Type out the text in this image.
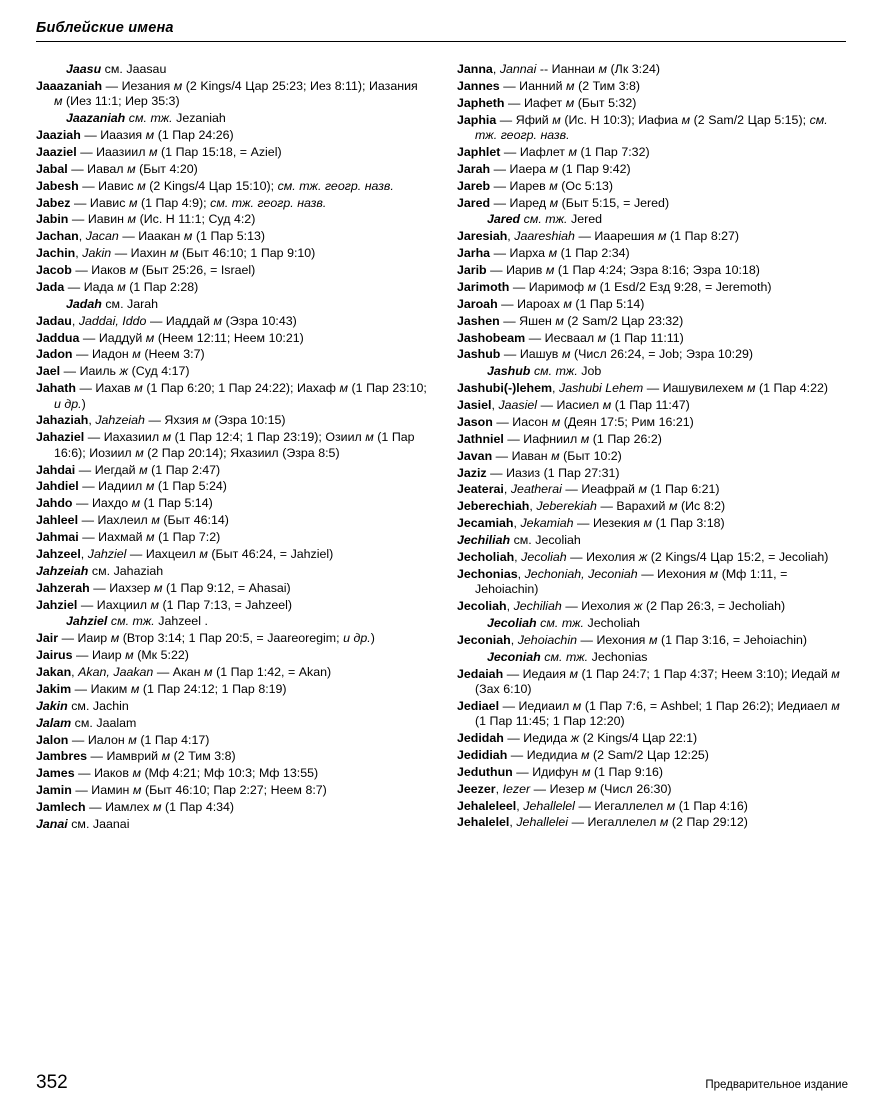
Библейские имена

Jaasu см. Jaasau

Jaaazaniah — Иезания м (2 Kings/4 Цар 25:23; Иез 8:11); Иазания м (Иез 11:1; Иер 35:3)

Jaazaniah см. тж. Jezaniah

Jaaziah — Иаазия м (1 Пар 24:26)

Jaaziel — Иаазиил м (1 Пар 15:18, = Aziel)

Jabal — Иавал м (Быт 4:20)

Jabesh — Иавис м (2 Kings/4 Цар 15:10); см. тж. геогр. назв.

Jabez — Иавис м (1 Пар 4:9); см. тж. геогр. назв.

Jabin — Иавин м (Ис. Н 11:1; Суд 4:2)

Jachan, Jacan — Иаакан м (1 Пар 5:13)

Jachin, Jakin — Иахин м (Быт 46:10; 1 Пар 9:10)

Jacob — Иаков м (Быт 25:26, = Israel)

Jada — Иада м (1 Пар 2:28)

Jadah см. Jarah

Jadau, Jaddai, Iddo — Иаддай м (Эзра 10:43)

Jaddua — Иаддуй м (Неем 12:11; Неем 10:21)

Jadon — Иадон м (Неем 3:7)

Jael — Иаиль ж (Суд 4:17)

Jahath — Иахав м (1 Пар 6:20; 1 Пар 24:22); Иахаф м (1 Пар 23:10; и др.)

Jahaziah, Jahzeiah — Яхзия м (Эзра 10:15)

Jahaziel — Иахазиил м (1 Пар 12:4; 1 Пар 23:19); Озиил м (1 Пар 16:6); Иозиил м (2 Пар 20:14); Яхазиил (Эзра 8:5)

Jahdai — Иегдай м (1 Пар 2:47)

Jahdiel — Иадиил м (1 Пар 5:24)

Jahdo — Иахдо м (1 Пар 5:14)

Jahleel — Иахлеил м (Быт 46:14)

Jahmai — Иахмай м (1 Пар 7:2)

Jahzeel, Jahziel — Иахцеил м (Быт 46:24, = Jahziel)

Jahzeiah см. Jahaziah

Jahzerah — Иахзер м (1 Пар 9:12, = Ahasai)

Jahziel — Иахциил м (1 Пар 7:13, = Jahzeel)

Jahziel см. тж. Jahzeel .

Jair — Иаир м (Втор 3:14; 1 Пар 20:5, = Jaareoregim; и др.)

Jairus — Иаир м (Мк 5:22)

Jakan, Akan, Jaakan — Акан м (1 Пар 1:42, = Akan)

Jakim — Иаким м (1 Пар 24:12; 1 Пар 8:19)

Jakin см. Jachin

Jalam см. Jaalam

Jalon — Иалон м (1 Пар 4:17)

Jambres — Иамврий м (2 Тим 3:8)

James — Иаков м (Мф 4:21; Мф 10:3; Мф 13:55)

Jamin — Иамин м (Быт 46:10; Пар 2:27; Неем 8:7)

Jamlech — Иамлех м (1 Пар 4:34)

Janai см. Jaanai

Janna, Jannai -- Ианнаи м (Лк 3:24)

Jannes — Ианний м (2 Тим 3:8)

Japheth — Иафет м (Быт 5:32)

Japhia — Яфий м (Ис. Н 10:3); Иафиа м (2 Sam/2 Цар 5:15); см. тж. геогр. назв.

Japhlet — Иафлет м (1 Пар 7:32)

Jarah — Иаера м (1 Пар 9:42)

Jareb — Иарев м (Ос 5:13)

Jared — Иаред м (Быт 5:15, = Jered)

Jared см. тж. Jered

Jaresiah, Jaareshiah — Иаарешия м (1 Пар 8:27)

Jarha — Иарха м (1 Пар 2:34)

Jarib — Иарив м (1 Пар 4:24; Эзра 8:16; Эзра 10:18)

Jarimoth — Иаримоф м (1 Esd/2 Езд 9:28, = Jeremoth)

Jaroah — Иароах м (1 Пар 5:14)

Jashen — Яшен м (2 Sam/2 Цар 23:32)

Jashobeam — Иесваал м (1 Пар 11:11)

Jashub — Иашув м (Числ 26:24, = Job; Эзра 10:29)

Jashub см. тж. Job

Jashubi(-)lehem, Jashubi Lehem — Иашувилехем м (1 Пар 4:22)

Jasiel, Jaasiel — Иасиел м (1 Пар 11:47)

Jason — Иасон м (Деян 17:5; Рим 16:21)

Jathniel — Иафниил м (1 Пар 26:2)

Javan — Иаван м (Быт 10:2)

Jaziz — Иазиз (1 Пар 27:31)

Jeaterai, Jeatherai — Иеафрай м (1 Пар 6:21)

Jeberechiah, Jeberekiah — Варахий м (Ис 8:2)

Jecamiah, Jekamiah — Иезекия м (1 Пар 3:18)

Jechiliah см. Jecoliah

Jecholiah, Jecoliah — Иехолия ж (2 Kings/4 Цар 15:2, = Jecoliah)

Jechonias, Jechoniah, Jeconiah — Иехония м (Мф 1:11, = Jehoiachin)

Jecoliah, Jechiliah — Иехолия ж (2 Пар 26:3, = Jecholiah)

Jecoliah см. тж. Jecholiah

Jeconiah, Jehoiachin — Иехония м (1 Пар 3:16, = Jehoiachin)

Jeconiah см. тж. Jechonias

Jedaiah — Иедаия м (1 Пар 24:7; 1 Пар 4:37; Неем 3:10); Иедай м (Зах 6:10)

Jediael — Иедиаил м (1 Пар 7:6, = Ashbel; 1 Пар 26:2); Иедиаел м (1 Пар 11:45; 1 Пар 12:20)

Jedidah — Иедида ж (2 Kings/4 Цар 22:1)

Jedidiah — Иедидиа м (2 Sam/2 Цар 12:25)

Jeduthun — Идифун м (1 Пар 9:16)

Jeezer, Iezer — Иезер м (Числ 26:30)

Jehaleleel, Jehallelel — Иегаллелел м (1 Пар 4:16)

Jehalelel, Jehallelei — Иегаллелел м (2 Пар 29:12)

352	Предварительное издание
